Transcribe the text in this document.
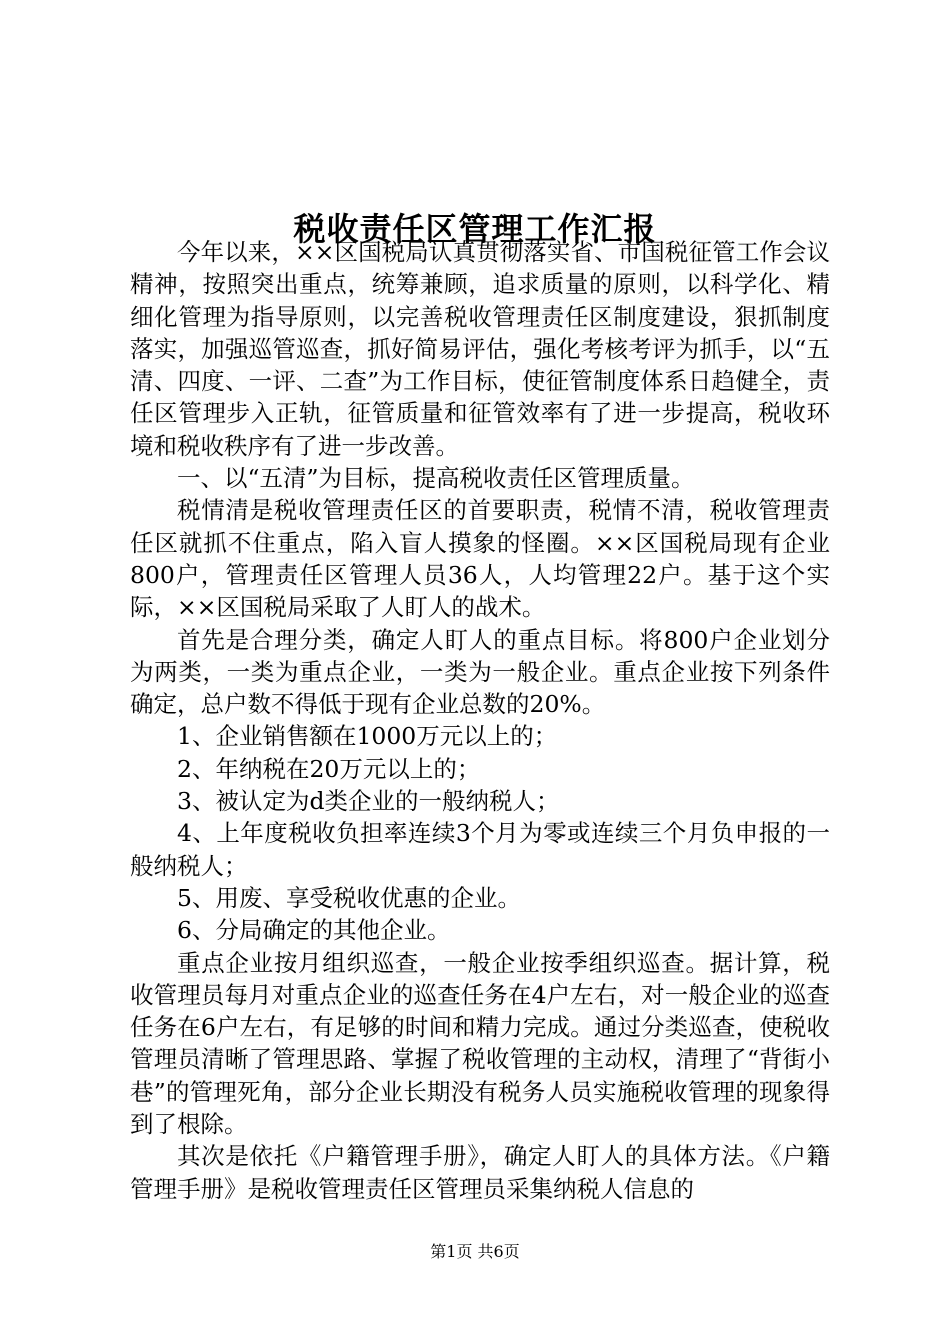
税收责任区管理工作汇报

今年以来，××区国税局认真贯彻落实省、市国税征管工作会议精神，按照突出重点，统筹兼顾，追求质量的原则，以科学化、精细化管理为指导原则，以完善税收管理责任区制度建设，狠抓制度落实，加强巡管巡查，抓好简易评估，强化考核考评为抓手，以“五清、四度、一评、二查”为工作目标，使征管制度体系日趋健全，责任区管理步入正轨，征管质量和征管效率有了进一步提高，税收环境和税收秩序有了进一步改善。

一、以“五清”为目标，提高税收责任区管理质量。

税情清是税收管理责任区的首要职责，税情不清，税收管理责任区就抓不住重点，陷入盲人摸象的怪圈。××区国税局现有企业800户，管理责任区管理人员36人，人均管理22户。基于这个实际，××区国税局采取了人盯人的战术。

首先是合理分类，确定人盯人的重点目标。将800户企业划分为两类，一类为重点企业，一类为一般企业。重点企业按下列条件确定，总户数不得低于现有企业总数的20%。

1、企业销售额在1000万元以上的；

2、年纳税在20万元以上的；

3、被认定为d类企业的一般纳税人；

4、上年度税收负担率连续3个月为零或连续三个月负申报的一般纳税人；

5、用废、享受税收优惠的企业。

6、分局确定的其他企业。

重点企业按月组织巡查，一般企业按季组织巡查。据计算，税收管理员每月对重点企业的巡查任务在4户左右，对一般企业的巡查任务在6户左右，有足够的时间和精力完成。通过分类巡查，使税收管理员清晰了管理思路、掌握了税收管理的主动权，清理了“背街小巷”的管理死角，部分企业长期没有税务人员实施税收管理的现象得到了根除。

其次是依托《户籍管理手册》，确定人盯人的具体方法。《户籍管理手册》是税收管理责任区管理员采集纳税人信息的

第1页 共6页
